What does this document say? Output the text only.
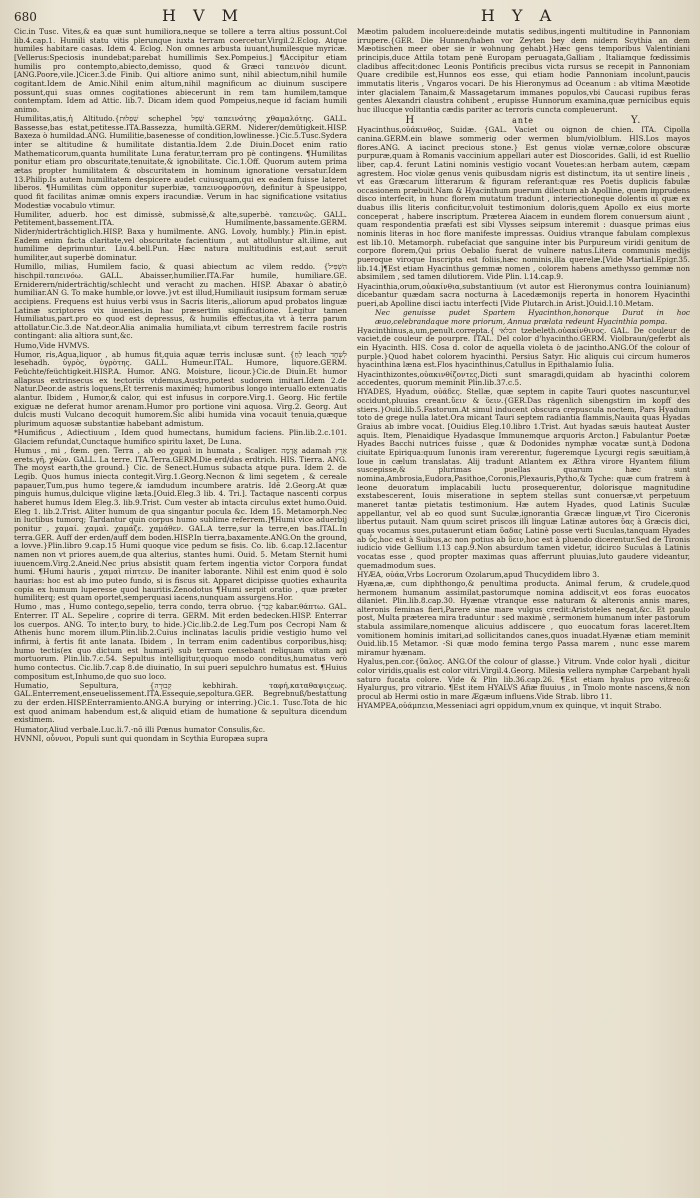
680	H V M	H Y A

Cic.in Tusc. Vites,& ea quæ sunt humiliora,neque se tollere a terra altius possunt.Col lib.4.cap.1. Humili statu vitis plerunque iuxta terram coercetur.Virgil.2.Eclog. Atque humiles habitare casas. Idem 4. Eclog. Non omnes arbusta iuuant,humilesque myricæ. [Vellerus:Speciosis inundebat;parebat humillimis Sex.Pompeius.] ¶Accipitur etiam humilis pro contempto,abiecto,demisso, quod & Græci ταπεινὸν dicunt. [ANG.Poore,vile.]Cicer.3.de Finib. Qui altiore animo sunt, nihil abiectum,nihil humile cogitant.Idem de Amic.Nihil enim altum,nihil magnificum ac diuinum suscipere possunt,qui suas omnes cogitationes abiecerunt in rem tam humilem,tamque contemptam. Idem ad Attic. lib.7. Dicam idem quod Pompeius,neque id faciam humili animo.

Humilitas,atis,ἡ Altitudo.{שִׁפְלוּת schephel שָׁפָל ταπεινότης χθαμαλότης. GALL. Bassesse,bas estat,petitesse.ITA.Bassezza, humiltà.GERM. Niderer/demütigkeit.HISP. Baxeza ò humildad.ANG. Humilitie,basenesse of condition,lowlinesse.}Cic.5.Tusc.Sydera inter se altitudine & humilitate distantia.Idem 2.de Diuin.Docet enim ratio Mathematicorum,quanta humilitate Luna feratur,terram pro pè contingens. ¶Humilitas ponitur etiam pro obscuritate,tenuitate,& ignobilitate. Cic.1.Off. Quorum autem prima ætas propter humilitatem & obscuritatem in hominum ignoratione versatur.Idem 13.Philip.Is autem humilitatem despicere audet cuiusquam,qui ex eadem fuisse lateret liberos. ¶Humilitas cùm opponitur superbiæ, ταπεινοφροσύνη, definitur à Speusippo, quod fit facilitas animæ omnis expers iracundiæ. Verum in hac significatione vsitatius Modestiæ vocabulo vtimur.

Humiliter, aduerb. hoc est dimissè, submissè,& alte,superbè. ταπεινῶς. GALL. Petitement,bassement.ITA. Humilmente,bassamente.GERM. Nider/niderträchtiglich.HISP. Baxa y humilmente. ANG. Lovoly, humbly.} Plin.in epist. Eadem enim facta claritate,vel obscuritate facientium , aut attolluntur alt.ilime, aut humilime deprimuntur. Liu.4.bell.Pun. Hæc natura multitudinis est,aut seruit humiliter,aut superbè dominatur.

Humillo, milias, Humilem facio, & quasi abiectum ac vilem reddo. {הִשְׁפִּיל hischpil.ταπεινόω. GALL. Abaisser,humilier.ITA.Far humile, humiliare.GE. Erniderern/niderträchtig/schlecht und veracht zu machen. HISP. Abaxar ò abatir,ò humiliar.AN G. To make humble,or lovve.}vt est illud,Humiliauit iusipsum formam seruæ accipiens. Frequens est huius verbi vsus in Sacris literis,,aliorum apud probatos linguæ Latinæ scriptores vix inuenies,in hac præsertim significatione. Legitur tamen Humiliatus,part.pro eo quod est depressus, & humilis effectus,ita vt à terra parum attollatur.Cic.3.de Nat.deor.Alia animalia humiliata,vt cibum terrestrem facile rostris contingant: alia altiora sunt,&c.

Humo,Vide HVMVS.

Humor, ris,Aqua,liquor , ab humus fit,quia aquæ terris inclusæ sunt. {לֵחַ leach לִשְׁחָד lesehadh. ὑγρὸς, ὑγρὸτης. GALL. Humeur.ITAL. Humore, liquore.GERM. Feüchte/feüchtigkeit.HISP.A. Humor. ANG. Moisture, licour.}Cic.de Diuin.Et humor allapsus extrinsecus ex tectoriis vtdemus,Austro,potest sudorem imitari.Idem 2.de Natur.Deor.de astris loquens,Et terrenis maximéq; humoribus longo interuallo extenuatis alantur. Ibidem , Humor,& calor, qui est infusus in corpore.Virg.1. Georg. Hic fertile exiguæ ne deferat humor arenam.Humor pro portione vini aquosa. Virg.2. Georg. Aut dulcis musti Vulcano decoquit humorem.Sic alibi humida vina vocauit tenuia,quæque plurimum aquosæ substantiæ habebant admistum.

*Humificus , Adiectiuum , Idem quod humectans, humidum faciens. Plin.lib.2.c.101. Glaciem refundat,Cunctaque humifico spiritu laxet, De Luna.

Humus , mi , fœm. gen. Terra , ab eo χαμαὶ in humata , Scaliger. אֲדָמָה adamah אֶרֶץ erets.γῆ, χθὼν. GALL. La terre. ITA.Terra.GERM.Die erd/das erdtrich. HIS. Tierra. ANG. The moyst earth,the ground.} Cic. de Senect.Humus subacta atque pura. Idem 2. de Legib. Quos humus iniecta contegit.Virg.1.Georg.Necnon & limi segetem , & cereale papauer,Tum,pus humo tegere,& iamdudum incumbere aratris. Idē 2.Georg.At quæ pinguis humus,dulcique vligine læta.[Ouid.Eleg.3 lib. 4. Tri.]. Tactaque nascenti corpus haberet humus Idem Eleg.3. lib.9.Trist. Cum vester ab intacta circulus extet humo.Ouid. Eleg 1. lib.2.Trist. Aliter humum de qua singantur pocula &c. Idem 15. Metamorph.Nec in luctibus tumorq; Tardantur quin corpus humo sublime referrem.]¶Humi vice aduerbij ponitur , χαμαί. χαμαὶ. χαμάζε. χαμάθεν. GAL.A terre,sur la terre,en bas.ITAL.In terra.GER. Auff der erden/auff dem boden.HISP.In tierra,baxamente.ANG.On the ground, a lovve.}Plin.libro 9.cap.15 Humi quoque vice pedum se fisis. Co. lib. 6.cap.12.Iacentur namen non vt priores auem,de qua alterius, stantes humi. Ouid. 5. Metam Sternit humi iuuencem.Virg.2.Aneid.Nec prius absistit quam fertem ingentia victor Corpora fundat humi. ¶Humi hauris , χαμαὶ πίπτειν. De inaniter laborante. Nihil est enim quod è solo haurias: hoc est ab imo puteo fundo, si is fiscus sit. Apparet dicipisse quoties exhaurita copia ex humum luperesse quod hauritis.Zenodotus ¶Humi serpit oratio , quæ præter humiliterq; est quam oportet,semperquasi iacens,nunquam assurgens.Hor.

Humo , mas , Humo contego,sepelio, terra condo, terra obruo. {קָבַר kabar.θάπτω. GAL. Enterrer. IT AL. Sepelire , coprire di terra. GERM. Mit erden bedecken.HISP. Enterrar los cuerpos. ANG. To inter,to bury, to hide.}Cic.lib.2.de Leg.Tum pos Cecropi Nam & Athenis hunc morem illum.Plin.lib.2.Cuius inclinatas laculis pridie vestigio humo vel infirmi, à fertis fit ante lanata. Ibidem , In terram enim cadentibus corporibus,hisq; humo tectis(ex quo dictum est humari) sub terram censebant reliquam vitam agi mortuorum. Plin.lib.7.c.54. Sepultus intelligitur,quoquo modo conditus,humatus verò humo contectus. Cic.lib.7.cap 8.de diuinatio, In sui pueri sepulchro humatus est. ¶Huius compositum est,Inhumo,de quo suo loco.

Humatio, Sepultura, {קְבוּרָה kebhirah. ταφή,καταθαψιςεως. GAL.Enterrement,enseuelissement.ITA.Essequie,sepoltura.GER. Begrebnuß/bestattung zu der erden.HISP.Enterramiento.ANG.A burying or interring.}Cic.1. Tusc.Tota de hic est quod animam habendum est,& aliquid etiam de humatione & sepultura dicendum existimem.

Humator,Aliud verbale.Luc.li.7.-nō illi Pœnus humator Consulis,&c.

HVNNI, οὖννοι, Populi sunt qui quondam in Scythia Europæa supra

Mæotim paludem incoluere:deinde mutatis sedibus,ingenti multitudine in Pannoniam irrupere.{GER. Die Hunnen/haben vor Zeyten bey dem nidern Scythia an dem Mæotischen meer ober sie ir wohnung gehabt.}Hæc gens temporibus Valentiniani principis,duce Attila totam penè Europam peruagata,Galliam , Italiamque fœdissimis cladibus affecit:donec Leonis Pontificis precibus victa rursus se recepit in Pannoniam Quare credibile est,Hunnos eos esse, qui etiam hodie Pannoniam incolunt,paucis immutatis literis , Vngaros vocari. De his Hieronymus ad Oceanum : ab vltima Mæotide inter glacialem Tanaim,& Massagetarum immanes populos,vbi Caucasi rupibus feras gentes Alexandri claustra cohibent , erupisse Hunnorum examina,quæ pernicibus equis huc illucque volitantia cædis pariter ac terroris cuncta compleuerunt.

H	ante	Y.

Hyacinthus,οὑάκινθος, Suidæ. {GAL. Vaciet ou oignon de chien. ITA. Cipolla canina.GERM.ein blawe sommerig oder wermen blum/violblum. HIS.Los mayos flores.ANG. A iacinct precious stone.} Est genus violæ vernæ,colore obscuræ purpuræ,quam à Romanis vaccinium appellari auter est Dioscorides. Galli, id est Ruellio liber, cap.4. ferunt Latini nominis vestigio vocant Vouetes:an herbam autem, cæpam agrestem. Hoc violæ genus venis quibusdam nigris est distinctum, ita ut sentire lineis , vt eas Græcarum litterarum & figuram referant:quæ res Poetis duplicis fabulæ occasionem præbuit.Nam & Hyacinthum puerum dilectum ab Apolline, quem imprudens disco interfecit, in hunc florem mutatum tradunt , interiectioneque dolentis αἶ quæ ex duabus illis literis conficitur,voluit testimonium doloris,quem Apollo ex eius morte conceperat , habere inscriptum. Præterea Aiacem in eundem florem conuersum aiunt , quam respondentia præfati est sibi Vlysses seipsum interemit : duasque primas eius nominis literas in hoc flore manifeste impressas. Ouidius vtranque fabulam complexus est lib.10. Metamorph. rubefaciat que sanguine inter bis Purpureum viridi genitum de corpore florem,Qui prius Oebalio fuerat de vulnere natus.Litera communis medijs pueroque viroque Inscripta est foliis,hæc nominis,illa querelæ.[Vide Martial.Epigr.35. lib.14.]¶Est etiam Hyacinthus gemmæ nomen , colorem habens amethysso gemmæ non absimilem , sed tamen dilutiorem. Vide Plin. l.14.cap.9.

Hyacinthia,orum,οὑακίνθια,substantiuum (vt autor est Hieronymus contra Iouinianum) dicebantur quædam sacra nocturna à Lacedæmonijs reperta in honorem Hyacinthi pueri,ab Apolline disci iactu interfecti [Vide Plutarch.in Arist.]Ouid.l.10.Metam.

Nec genuisse pudet Spartem Hyacinthon,honorque Durat in hoc æuo,celebrandaque more priorum, Annua prælata redeunt Hyacinthia pompa.

Hyacinthinus,a,um,penult.correpta.{ הכלאי tzebeleth.οὑακίνθινος. GAL. De couleur de vaciet,de couleur de pourpre. ITAL. Del color d'hyacintho.GERM. Violbraun/geferbt als ein Hyacinth. HIS. Cosa d. color de aquella violeta ò de jacintho.ANG.Of the colour of purple.}Quod habet colorem hyacinthi. Persius Satyr. Hic aliquis cui circum humeros hyacinthina læna est.Flos hyacinthinus,Catullus in Epithalamio Iulia.

Hyacinthizontes,οὑακινθίζοντες,Dicti sunt smaragdi,quidam ab hyacinthi colorem accedentes, quorum meminit Plin.lib.37.c.5.

HYADES, Hyadum, οὑάδες. Stellæ, quæ septem in capite Tauri quotes nascuntur,vel occidunt,pluuias creant.ὕειν & ὕειν.{GER.Das rägenlich sibengstirn im kopff des stiers.}Ouid.lib.5.Fastorum.At simul inducent obscura crepuscula noctem, Pars Hyadum toto de grege nulla latet.Ora micant Tauri septem radiantia flammis,Nauita quas Hyadas Graius ab imbre vocat. [Ouidius Eleg.10.libro 1.Trist. Aut hyadas sæuis hauteat Auster aquis. Item, Plenaidique Hyadasque Immunemque arquoris Arcton.] Fabulantur Poetæ Hyades Bacchi nutrices fuisse , quæ & Dodonides nymphæ vocatæ sunt,à Dodona ciuitate Epiriqua:quum Iunonis iram vererentur, fugeremque Lycurgi regis sæuitiam,à Ioue in cælum translatas. Alij tradunt Atlantem ex Æthra virore Hyantem filium suscepisse,& plurimas puellas quarum hæc sunt nomina,Ambrosia,Eudora,Pasithoe,Coronis,Plexauris,Pytho,& Tyche: quæ cum fratrem à leone deuoratum implacabili luctu prosequerentur, dolorisque magnitudine exstabescerent, Iouis miseratione in septem stellas sunt conuersæ,vt perpetuum maneret tantæ pietatis testimonium. Hæ autem Hyades, quod Latinis Suculæ appellantur, vel ab eo quod sunt Suculæ,ignorantia Græcæ linguæ,vt Tiro Ciceronis libertus putauit. Nam quum sciret priscos illi linguæ Latinæ autores ὕας à Græcis dici, quas vocamus sues,putauerunt etiam ὕαδας Latinè posse verti Suculas,tanquam Hyades ab ὗς,hoc est à Suibus,ac non potius ab ὕειν,hoc est à pluendo dicerentur.Sed de Tironis iudicio vide Gellium l.13 cap.9.Non absurdum tamen videtur, idcirco Suculas à Latinis vocatas esse , quod propter maximas quas afferrunt pluuias,luto gaudere videantur, quemadmodum sues.

HYÆA, οὑάα,Vrbs Locrorum Ozolarum,apud Thucydidem libro 3.

Hyæna,æ, cum diphthongo,& penultima producta. Animal ferum, & crudele,quod hermonem humanum assimilat,pastorumque nomina addiscit,vt eos foras euocatos dilaniet. Plin.lib.8.cap.30. Hyænæ vtranque esse naturam & alteronis annis mares, alteronis feminas fieri,Parere sine mare vulgus credit:Aristoteles negat,&c. Et paulo post, Multa præterea mira traduntur : sed maximè , sermonem humanum inter pastorum stabula assimilare,nomenque alicuius addiscere , quo euocatum foras laceret.Item vomitionem hominis imitari,ad sollicitandos canes,quos inuadat.Hyænæ etiam meminit Ouid.lib.15 Metamor. -Si quæ modo femina tergo Passa marem , nunc esse marem miramur hyænam.

Hyalus,pen.cor.{ὕαλος. ANG.Of the colour of glasse.} Vitrum. Vnde color hyali , dicitur color viridis,qualis est color vitri.Virgil.4.Georg. Milesia vellera nymphæ Carpebant hyali saturo fucata colore. Vide & Plin lib.36.cap.26. ¶Est etiam hyalus pro vitreo:& Hyalurgus, pro vitrario. ¶Est item HYALVS Afiæ fluuius , in Tmolo monte nascens,& non procul ab Hermi ostio in mare Ægæum influens.Vide Strab. libro 11.

HYAMPEA,οὑάμπεια,Messeniaci agri oppidum,vnum ex quinque, vt inquit Strabo.
